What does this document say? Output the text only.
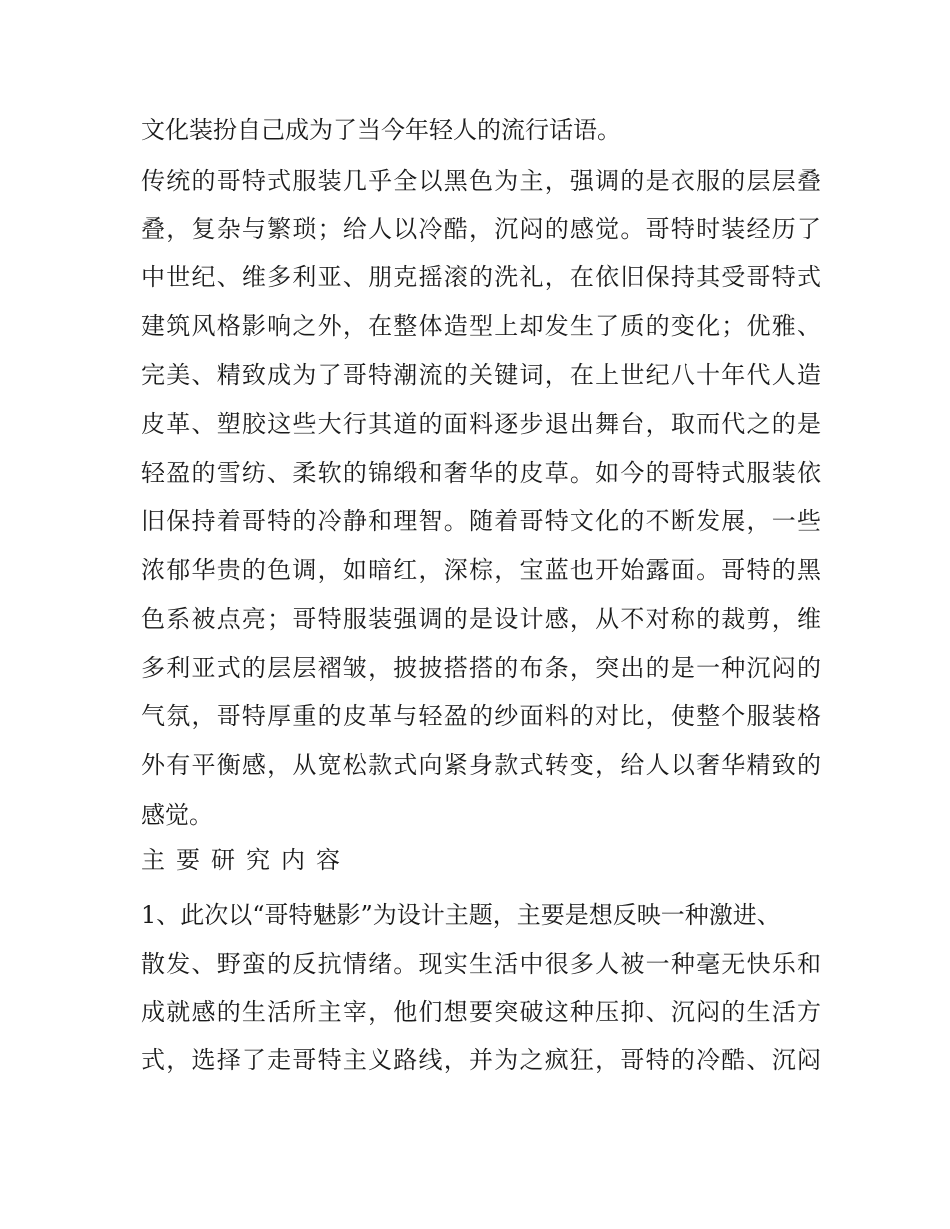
文化装扮自己成为了当今年轻人的流行话语。
传统的哥特式服装几乎全以黑色为主，强调的是衣服的层层叠
叠，复杂与繁琐；给人以冷酷，沉闷的感觉。哥特时装经历了
中世纪、维多利亚、朋克摇滚的洗礼，在依旧保持其受哥特式
建筑风格影响之外，在整体造型上却发生了质的变化；优雅、
完美、精致成为了哥特潮流的关键词，在上世纪八十年代人造
皮革、塑胶这些大行其道的面料逐步退出舞台，取而代之的是
轻盈的雪纺、柔软的锦缎和奢华的皮草。如今的哥特式服装依
旧保持着哥特的冷静和理智。随着哥特文化的不断发展，一些
浓郁华贵的色调，如暗红，深棕，宝蓝也开始露面。哥特的黑
色系被点亮；哥特服装强调的是设计感，从不对称的裁剪，维
多利亚式的层层褶皱，披披搭搭的布条，突出的是一种沉闷的
气氛，哥特厚重的皮革与轻盈的纱面料的对比，使整个服装格
外有平衡感，从宽松款式向紧身款式转变，给人以奢华精致的
感觉。
主要研究内容
1、此次以“哥特魅影”为设计主题，主要是想反映一种激进、
散发、野蛮的反抗情绪。现实生活中很多人被一种毫无快乐和
成就感的生活所主宰，他们想要突破这种压抑、沉闷的生活方
式，选择了走哥特主义路线，并为之疯狂，哥特的冷酷、沉闷
